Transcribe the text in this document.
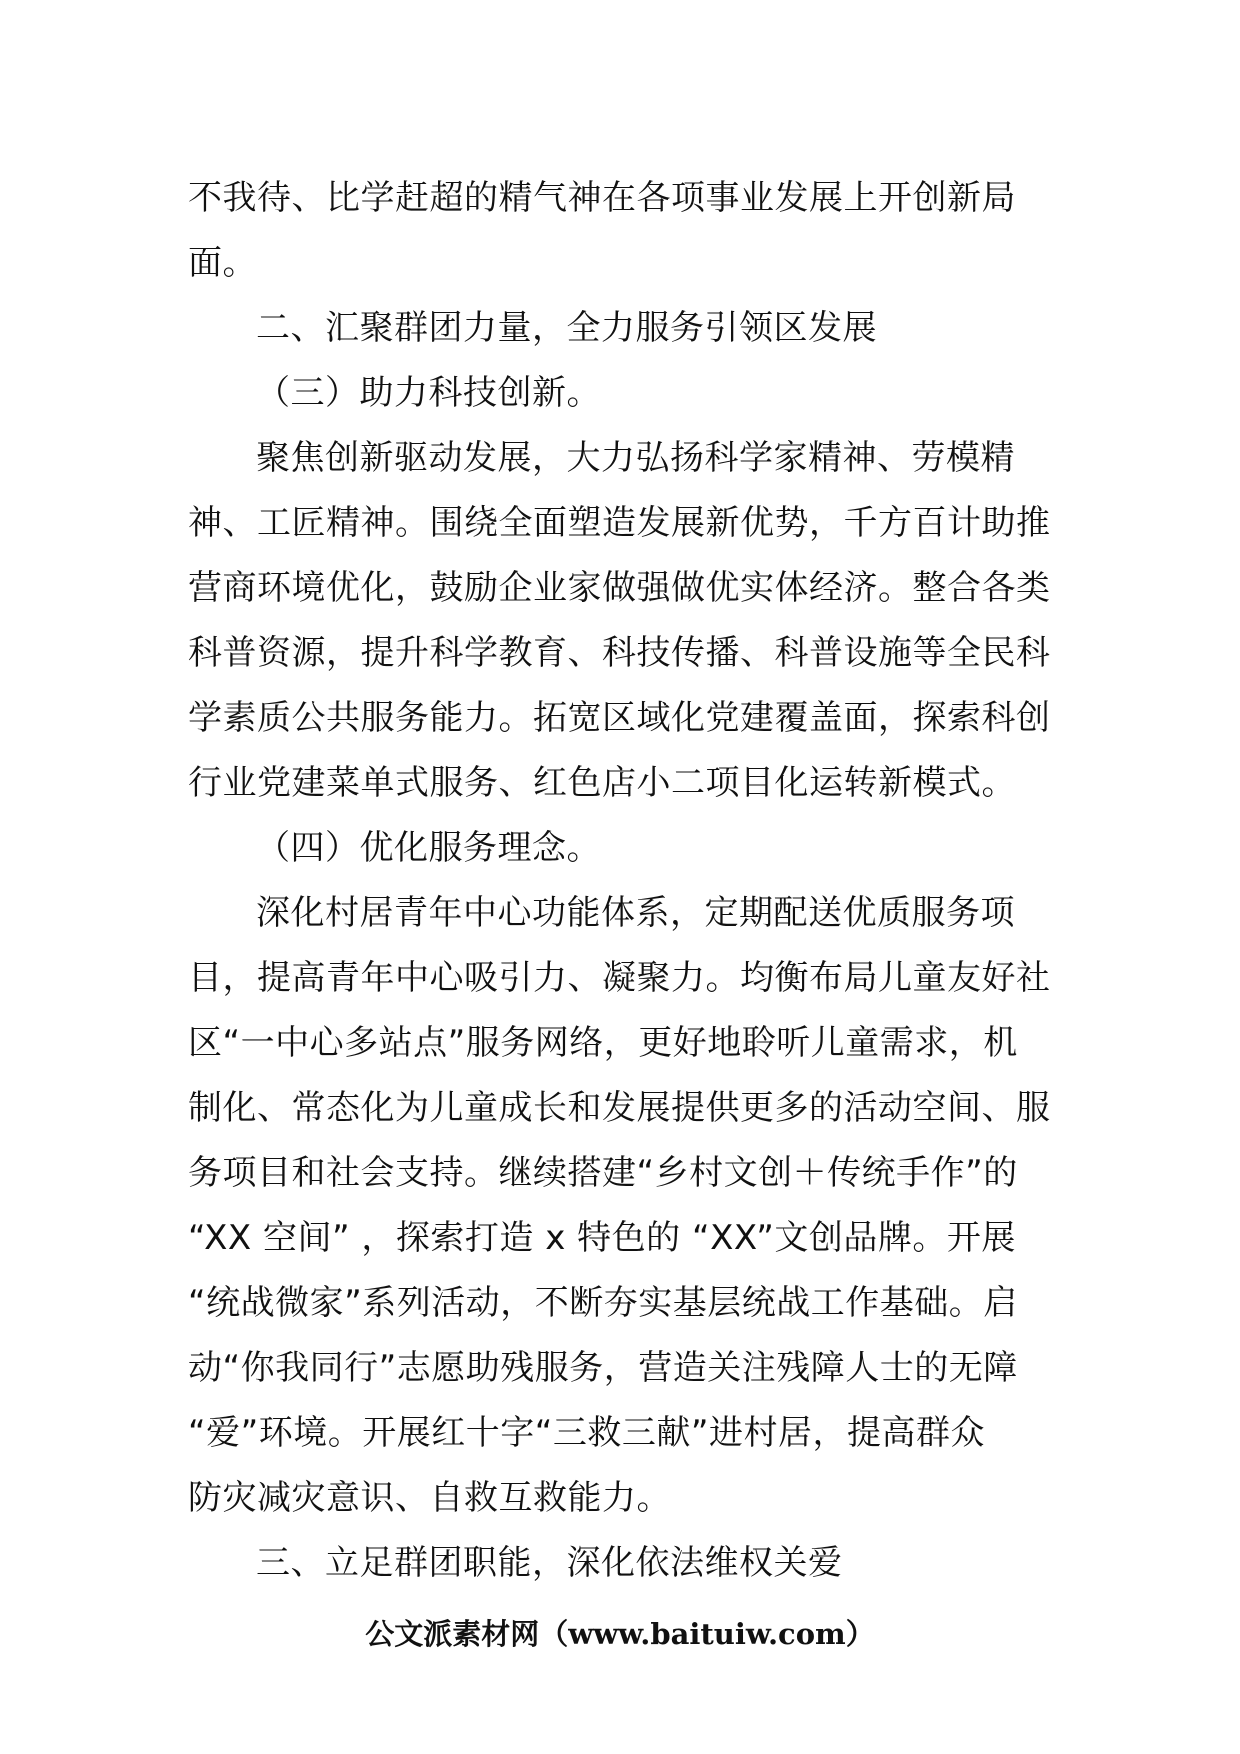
不我待、比学赶超的精气神在各项事业发展上开创新局

面。

二、汇聚群团力量，全力服务引领区发展

（三）助力科技创新。

聚焦创新驱动发展，大力弘扬科学家精神、劳模精

神、工匠精神。围绕全面塑造发展新优势，千方百计助推

营商环境优化，鼓励企业家做强做优实体经济。整合各类

科普资源，提升科学教育、科技传播、科普设施等全民科

学素质公共服务能力。拓宽区域化党建覆盖面，探索科创

行业党建菜单式服务、红色店小二项目化运转新模式。

（四）优化服务理念。

深化村居青年中心功能体系，定期配送优质服务项

目，提高青年中心吸引力、凝聚力。均衡布局儿童友好社

区“一中心多站点”服务网络，更好地聆听儿童需求，机

制化、常态化为儿童成长和发展提供更多的活动空间、服

务项目和社会支持。继续搭建“乡村文创＋传统手作”的

“XX 空间” ，探索打造 x 特色的 “XX”文创品牌。开展

“统战微家”系列活动，不断夯实基层统战工作基础。启

动“你我同行”志愿助残服务，营造关注残障人士的无障

“爱”环境。开展红十字“三救三献”进村居，提高群众

防灾减灾意识、自救互救能力。

三、立足群团职能，深化依法维权关爱

公文派素材网（www.baituiw.com）
